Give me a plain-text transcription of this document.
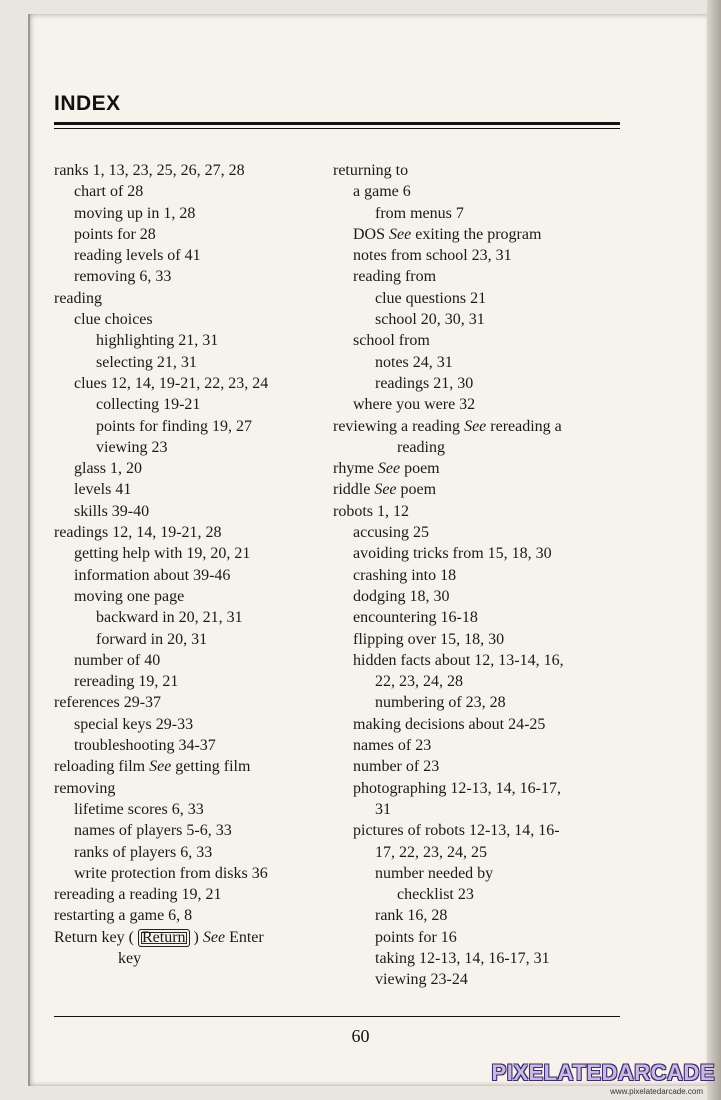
INDEX
ranks 1, 13, 23, 25, 26, 27, 28
chart of 28
moving up in 1, 28
points for 28
reading levels of 41
removing 6, 33
reading
clue choices
highlighting 21, 31
selecting 21, 31
clues 12, 14, 19-21, 22, 23, 24
collecting 19-21
points for finding 19, 27
viewing 23
glass 1, 20
levels 41
skills 39-40
readings 12, 14, 19-21, 28
getting help with 19, 20, 21
information about 39-46
moving one page
backward in 20, 21, 31
forward in 20, 31
number of 40
rereading 19, 21
references 29-37
special keys 29-33
troubleshooting 34-37
reloading film See getting film
removing
lifetime scores 6, 33
names of players 5-6, 33
ranks of players 6, 33
write protection from disks 36
rereading a reading 19, 21
restarting a game 6, 8
Return key ( Return ) See Enter
key
returning to
a game 6
from menus 7
DOS See exiting the program
notes from school 23, 31
reading from
clue questions 21
school 20, 30, 31
school from
notes 24, 31
readings 21, 30
where you were 32
reviewing a reading See rereading a
reading
rhyme See poem
riddle See poem
robots 1, 12
accusing 25
avoiding tricks from 15, 18, 30
crashing into 18
dodging 18, 30
encountering 16-18
flipping over 15, 18, 30
hidden facts about 12, 13-14, 16,
22, 23, 24, 28
numbering of 23, 28
making decisions about 24-25
names of 23
number of 23
photographing 12-13, 14, 16-17,
31
pictures of robots 12-13, 14, 16-
17, 22, 23, 24, 25
number needed by
checklist 23
rank 16, 28
points for 16
taking 12-13, 14, 16-17, 31
viewing 23-24
60
PIXELATEDARCADE
www.pixelatedarcade.com
